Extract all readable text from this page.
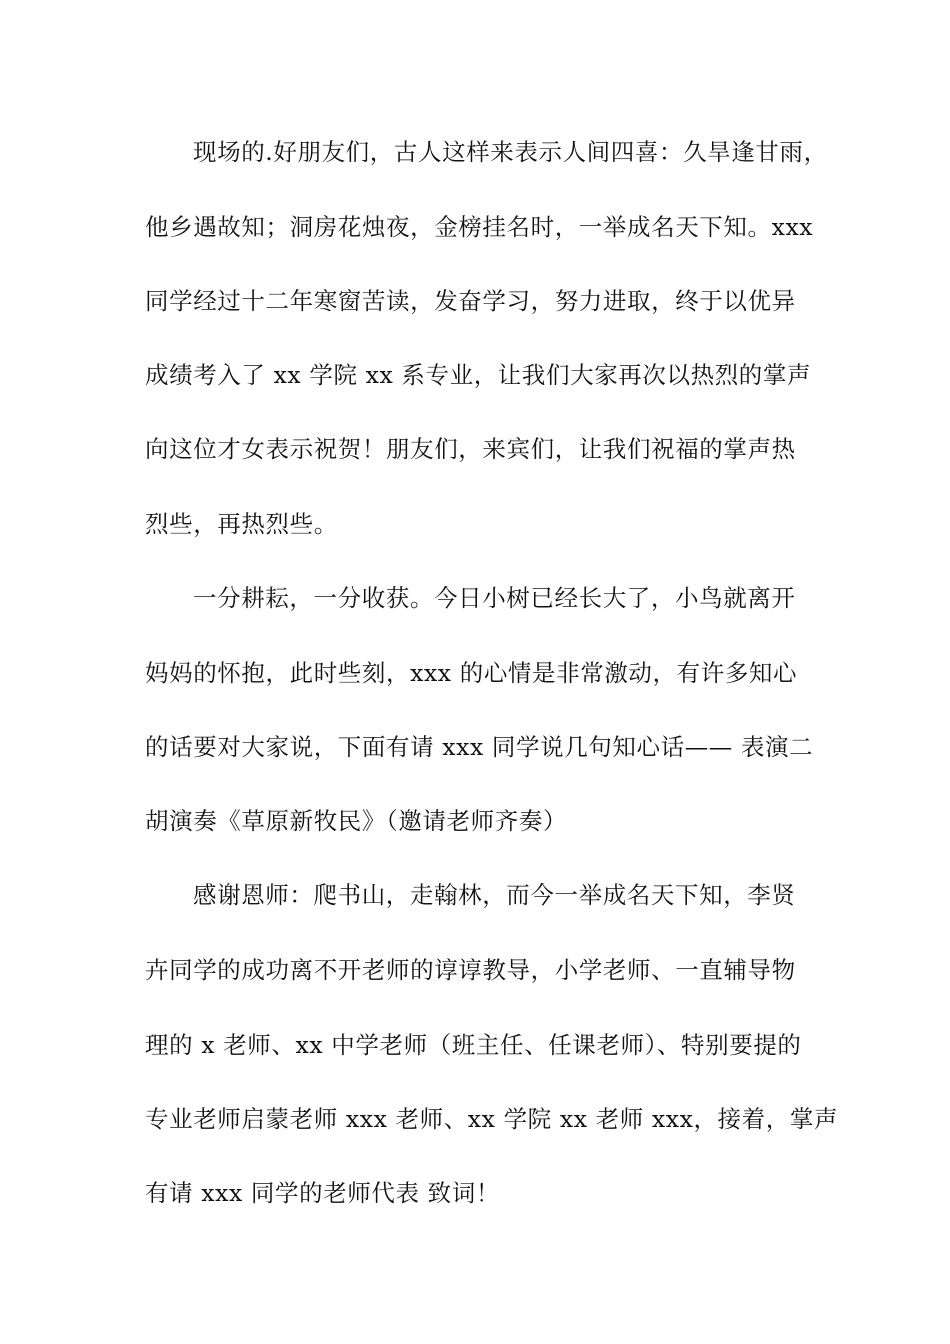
现场的.好朋友们，古人这样来表示人间四喜：久旱逢甘雨，
他乡遇故知；洞房花烛夜，金榜挂名时，一举成名天下知。xxx
同学经过十二年寒窗苦读，发奋学习，努力进取，终于以优异
成绩考入了 xx 学院 xx 系专业，让我们大家再次以热烈的掌声
向这位才女表示祝贺！朋友们，来宾们，让我们祝福的掌声热
烈些，再热烈些。
一分耕耘，一分收获。今日小树已经长大了，小鸟就离开
妈妈的怀抱，此时些刻，xxx 的心情是非常激动，有许多知心
的话要对大家说，下面有请 xxx 同学说几句知心话—— 表演二
胡演奏《草原新牧民》（邀请老师齐奏）
感谢恩师：爬书山，走翰林，而今一举成名天下知，李贤
卉同学的成功离不开老师的谆谆教导，小学老师、一直辅导物
理的 x 老师、xx 中学老师（班主任、任课老师）、特别要提的
专业老师启蒙老师 xxx 老师、xx 学院 xx 老师 xxx，接着，掌声
有请 xxx 同学的老师代表 致词！
